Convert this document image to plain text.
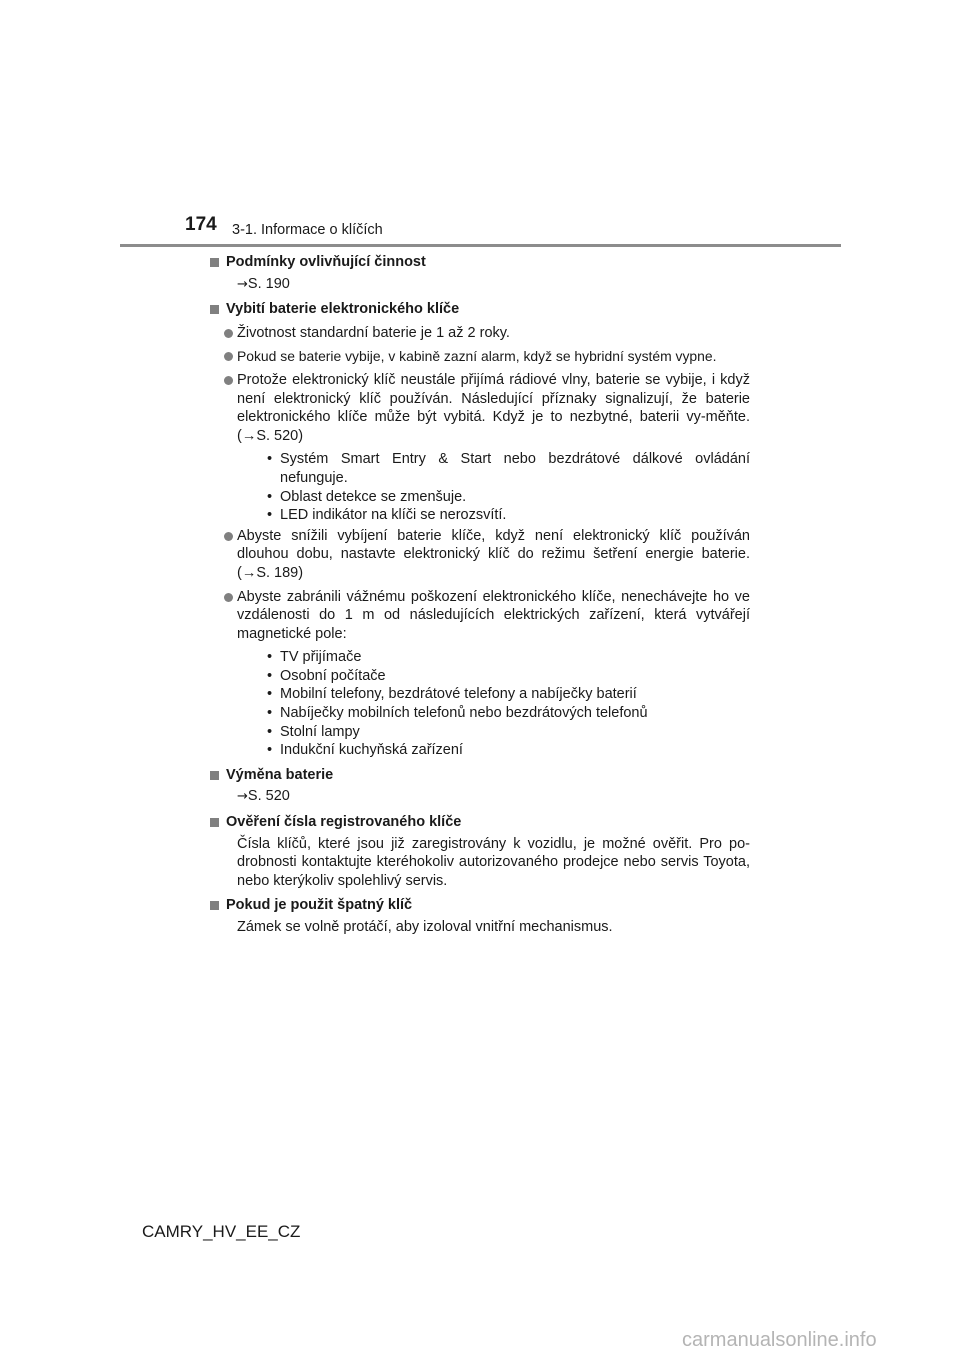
174 3-1. Informace o klíčích
Podmínky ovlivňující činnost
→S. 190
Vybití baterie elektronického klíče
Životnost standardní baterie je 1 až 2 roky.
Pokud se baterie vybije, v kabině zazní alarm, když se hybridní systém vypne.
Protože elektronický klíč neustále přijímá rádiové vlny, baterie se vybije, i když není elektronický klíč používán. Následující příznaky signalizují, že baterie elektronického klíče může být vybitá. Když je to nezbytné, baterii vy-měňte. (→S. 520)
• Systém Smart Entry & Start nebo bezdrátové dálkové ovládání nefunguje.
• Oblast detekce se zmenšuje.
• LED indikátor na klíči se nerozsvítí.
Abyste snížili vybíjení baterie klíče, když není elektronický klíč používán dlouhou dobu, nastavte elektronický klíč do režimu šetření energie baterie. (→S. 189)
Abyste zabránili vážnému poškození elektronického klíče, nenechávejte ho ve vzdálenosti do 1 m od následujících elektrických zařízení, která vytvářejí magnetické pole:
• TV přijímače
• Osobní počítače
• Mobilní telefony, bezdrátové telefony a nabíječky baterií
• Nabíječky mobilních telefonů nebo bezdrátových telefonů
• Stolní lampy
• Indukční kuchyňská zařízení
Výměna baterie
→S. 520
Ověření čísla registrovaného klíče
Čísla klíčů, které jsou již zaregistrovány k vozidlu, je možné ověřit. Pro po-drobnosti kontaktujte kteréhokoliv autorizovaného prodejce nebo servis Toyota, nebo kterýkoliv spolehlivý servis.
Pokud je použit špatný klíč
Zámek se volně protáčí, aby izoloval vnitřní mechanismus.
CAMRY_HV_EE_CZ
carmanualsonline.info
